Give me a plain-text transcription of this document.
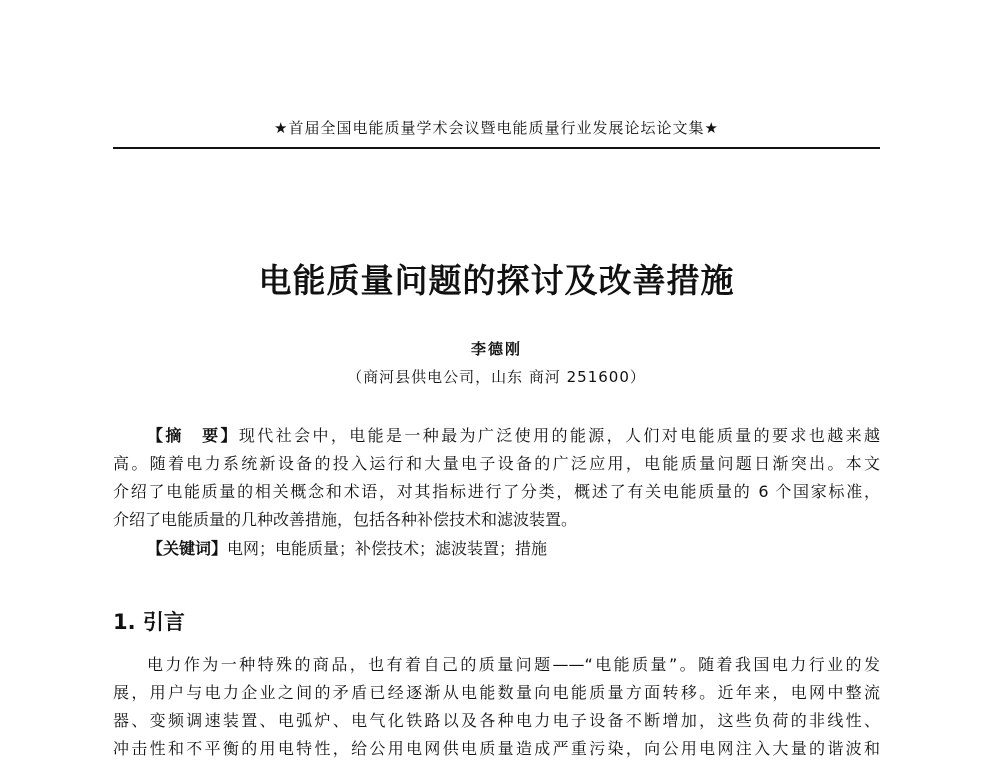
★首届全国电能质量学术会议暨电能质量行业发展论坛论文集★
电能质量问题的探讨及改善措施
李德刚
（商河县供电公司，山东 商河 251600）
【摘　要】现代社会中，电能是一种最为广泛使用的能源，人们对电能质量的要求也越来越
高。随着电力系统新设备的投入运行和大量电子设备的广泛应用，电能质量问题日渐突出。本文
介绍了电能质量的相关概念和术语，对其指标进行了分类，概述了有关电能质量的 6 个国家标准，
介绍了电能质量的几种改善措施，包括各种补偿技术和滤波装置。
【关键词】电网；电能质量；补偿技术；滤波装置；措施
1. 引言
电力作为一种特殊的商品，也有着自己的质量问题——“电能质量”。随着我国电力行业的发
展，用户与电力企业之间的矛盾已经逐渐从电能数量向电能质量方面转移。近年来，电网中整流
器、变频调速装置、电弧炉、电气化铁路以及各种电力电子设备不断增加，这些负荷的非线性、
冲击性和不平衡的用电特性，给公用电网供电质量造成严重污染，向公用电网注入大量的谐波和
